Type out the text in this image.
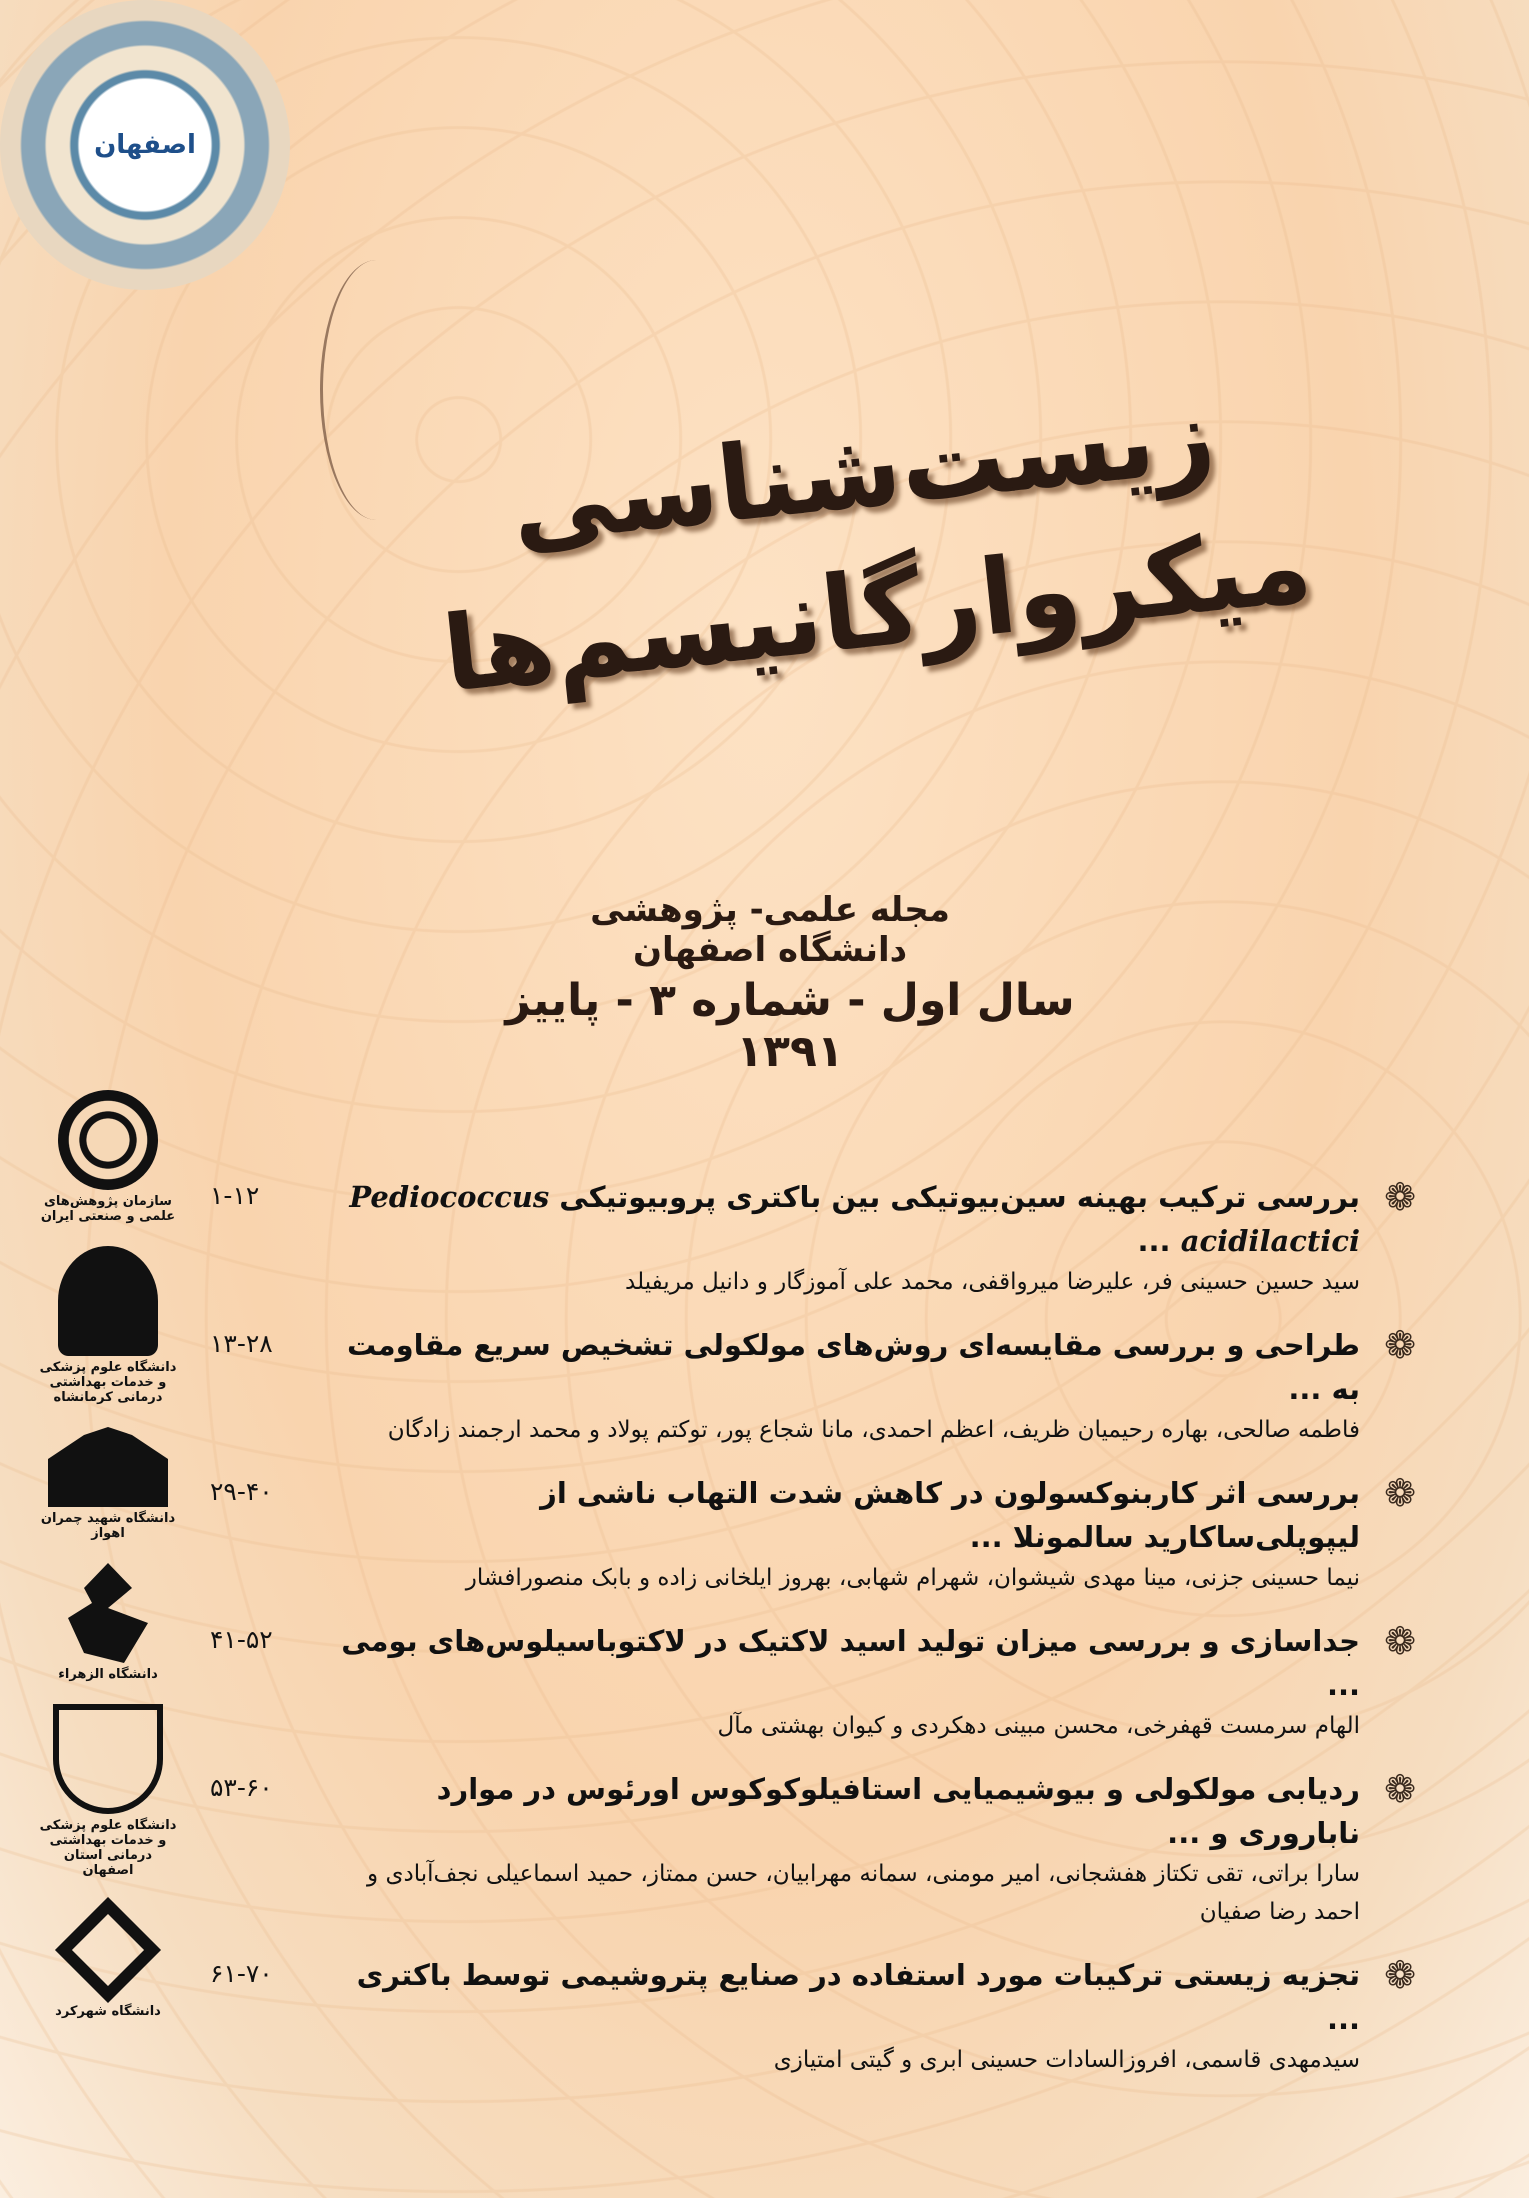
اصفهان
زیست‌شناسی میکروارگانیسم‌ها
مجله علمی- پژوهشی دانشگاه اصفهان
سال اول - شماره ۳ - پاییز ۱۳۹۱
سازمان پژوهش‌های علمی و صنعتی ایران
دانشگاه علوم پزشکی و خدمات بهداشتی درمانی کرمانشاه
دانشگاه شهید چمران اهواز
دانشگاه الزهراء
دانشگاه علوم پزشکی و خدمات بهداشتی درمانی استان اصفهان
دانشگاه شهرکرد
❁
بررسی ترکیب بهینه سین‌بیوتیکی بین باکتری پروبیوتیکی Pediococcus acidilactici ...
سید حسین حسینی فر، علیرضا میرواقفی، محمد علی آموزگار و دانیل مریفیلد
۱-۱۲
❁
طراحی و بررسی مقایسه‌ای روش‌های مولکولی تشخیص سریع مقاومت به ...
فاطمه صالحی، بهاره رحیمیان ظریف، اعظم احمدی، مانا شجاع پور، توکتم پولاد و محمد ارجمند زادگان
۱۳-۲۸
❁
بررسی اثر کاربنوکسولون در کاهش شدت التهاب ناشی از لیپوپلی‌ساکارید سالمونلا ...
نیما حسینی جزنی، مینا مهدی شیشوان، شهرام شهابی، بهروز ایلخانی زاده و بابک منصورافشار
۲۹-۴۰
❁
جداسازی و بررسی میزان تولید اسید لاکتیک در لاکتوباسیلوس‌های بومی ...
الهام سرمست قهفرخی، محسن مبینی دهکردی و کیوان بهشتی مآل
۴۱-۵۲
❁
ردیابی مولکولی و بیوشیمیایی استافیلوکوکوس اورئوس در موارد ناباروری و ...
سارا براتی، تقی تکتاز هفشجانی، امیر مومنی، سمانه مهرابیان، حسن ممتاز، حمید اسماعیلی نجف‌آبادی و احمد رضا صفیان
۵۳-۶۰
❁
تجزیه زیستی ترکیبات مورد استفاده در صنایع پتروشیمی توسط باکتری ...
سیدمهدی قاسمی، افروزالسادات حسینی ابری و گیتی امتیازی
۶۱-۷۰
